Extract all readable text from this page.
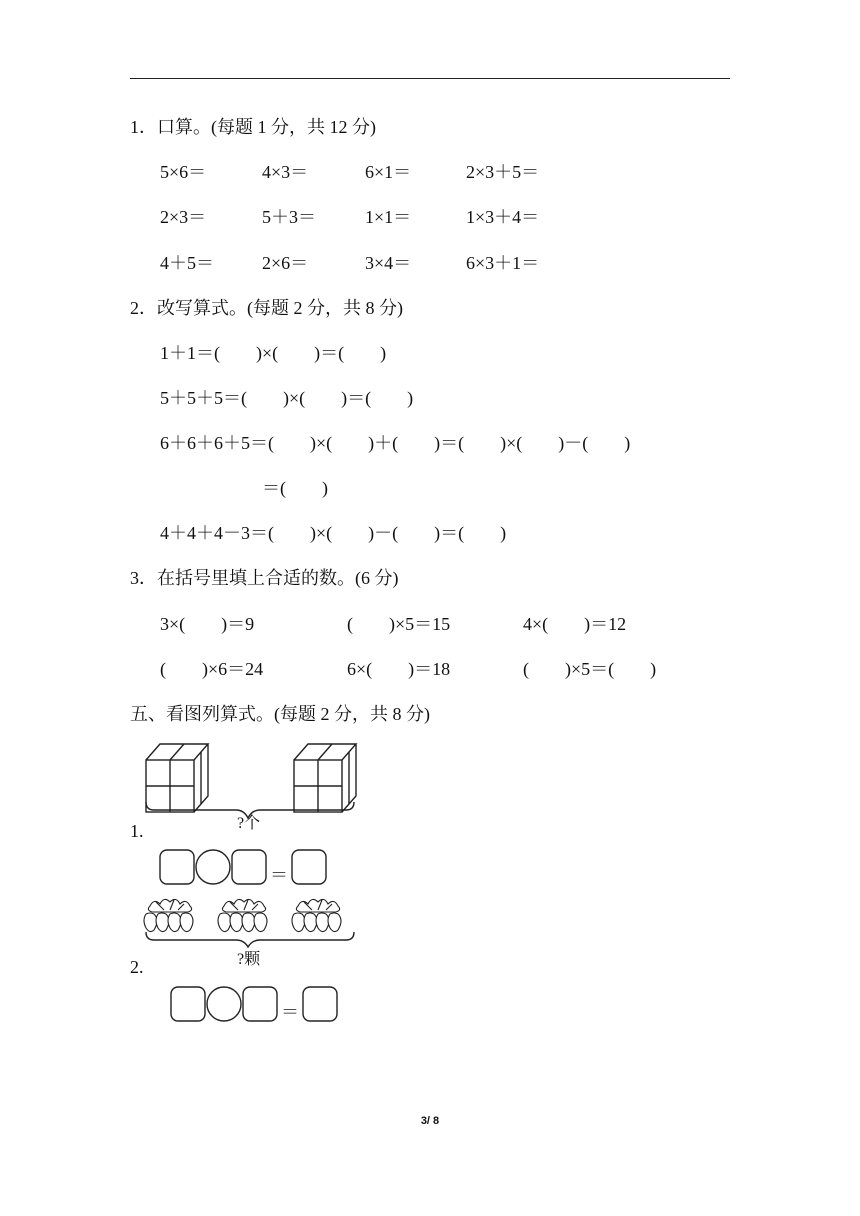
1．口算。(每题 1 分，共 12 分)
5×6＝	4×3＝	6×1＝	2×3＋5＝
2×3＝	5＋3＝	1×1＝	1×3＋4＝
4＋5＝	2×6＝	3×4＝	6×3＋1＝
2．改写算式。(每题 2 分，共 8 分)
1＋1＝(　　)×(　　)＝(　　)
5＋5＋5＝(　　)×(　　)＝(　　)
6＋6＋6＋5＝(　　)×(　　)＋(　　)＝(　　)×(　　)－(　　)
＝(　　)
4＋4＋4－3＝(　　)×(　　)－(　　)＝(　　)
3．在括号里填上合适的数。(6 分)
3×(　　)＝9	(　　)×5＝15	4×(　　)＝12
(　　)×6＝24	6×(　　)＝18	(　　)×5＝(　　)
五、看图列算式。(每题 2 分，共 8 分)
1.	?个
＝
2.	?颗
＝
3/ 8
